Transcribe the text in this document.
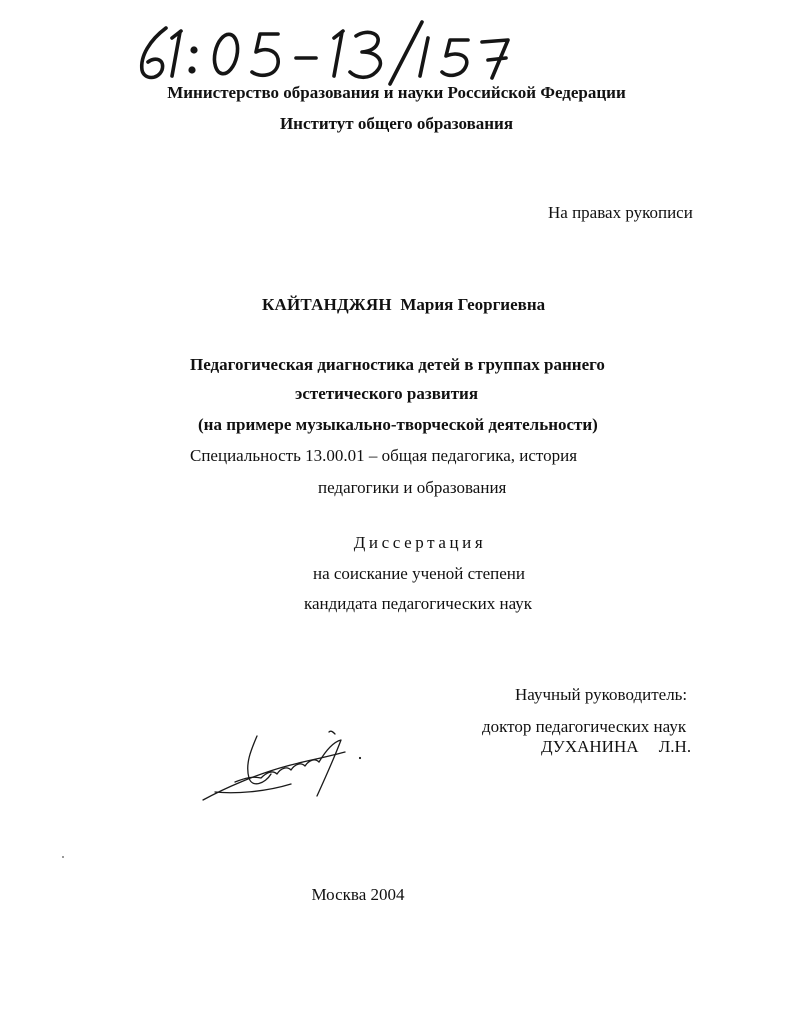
Министерство образования и науки Российской Федерации
Институт общего образования
На правах рукописи
КАЙТАНДЖЯН Мария Георгиевна
Педагогическая диагностика детей в группах раннего
эстетического развития
(на примере музыкально-творческой деятельности)
Специальность 13.00.01 – общая педагогика, история
педагогики и образования
Диссертация
на соискание ученой степени
кандидата педагогических наук
Научный руководитель:
доктор педагогических наук
ДУХАНИНА Л.Н.
Москва 2004
